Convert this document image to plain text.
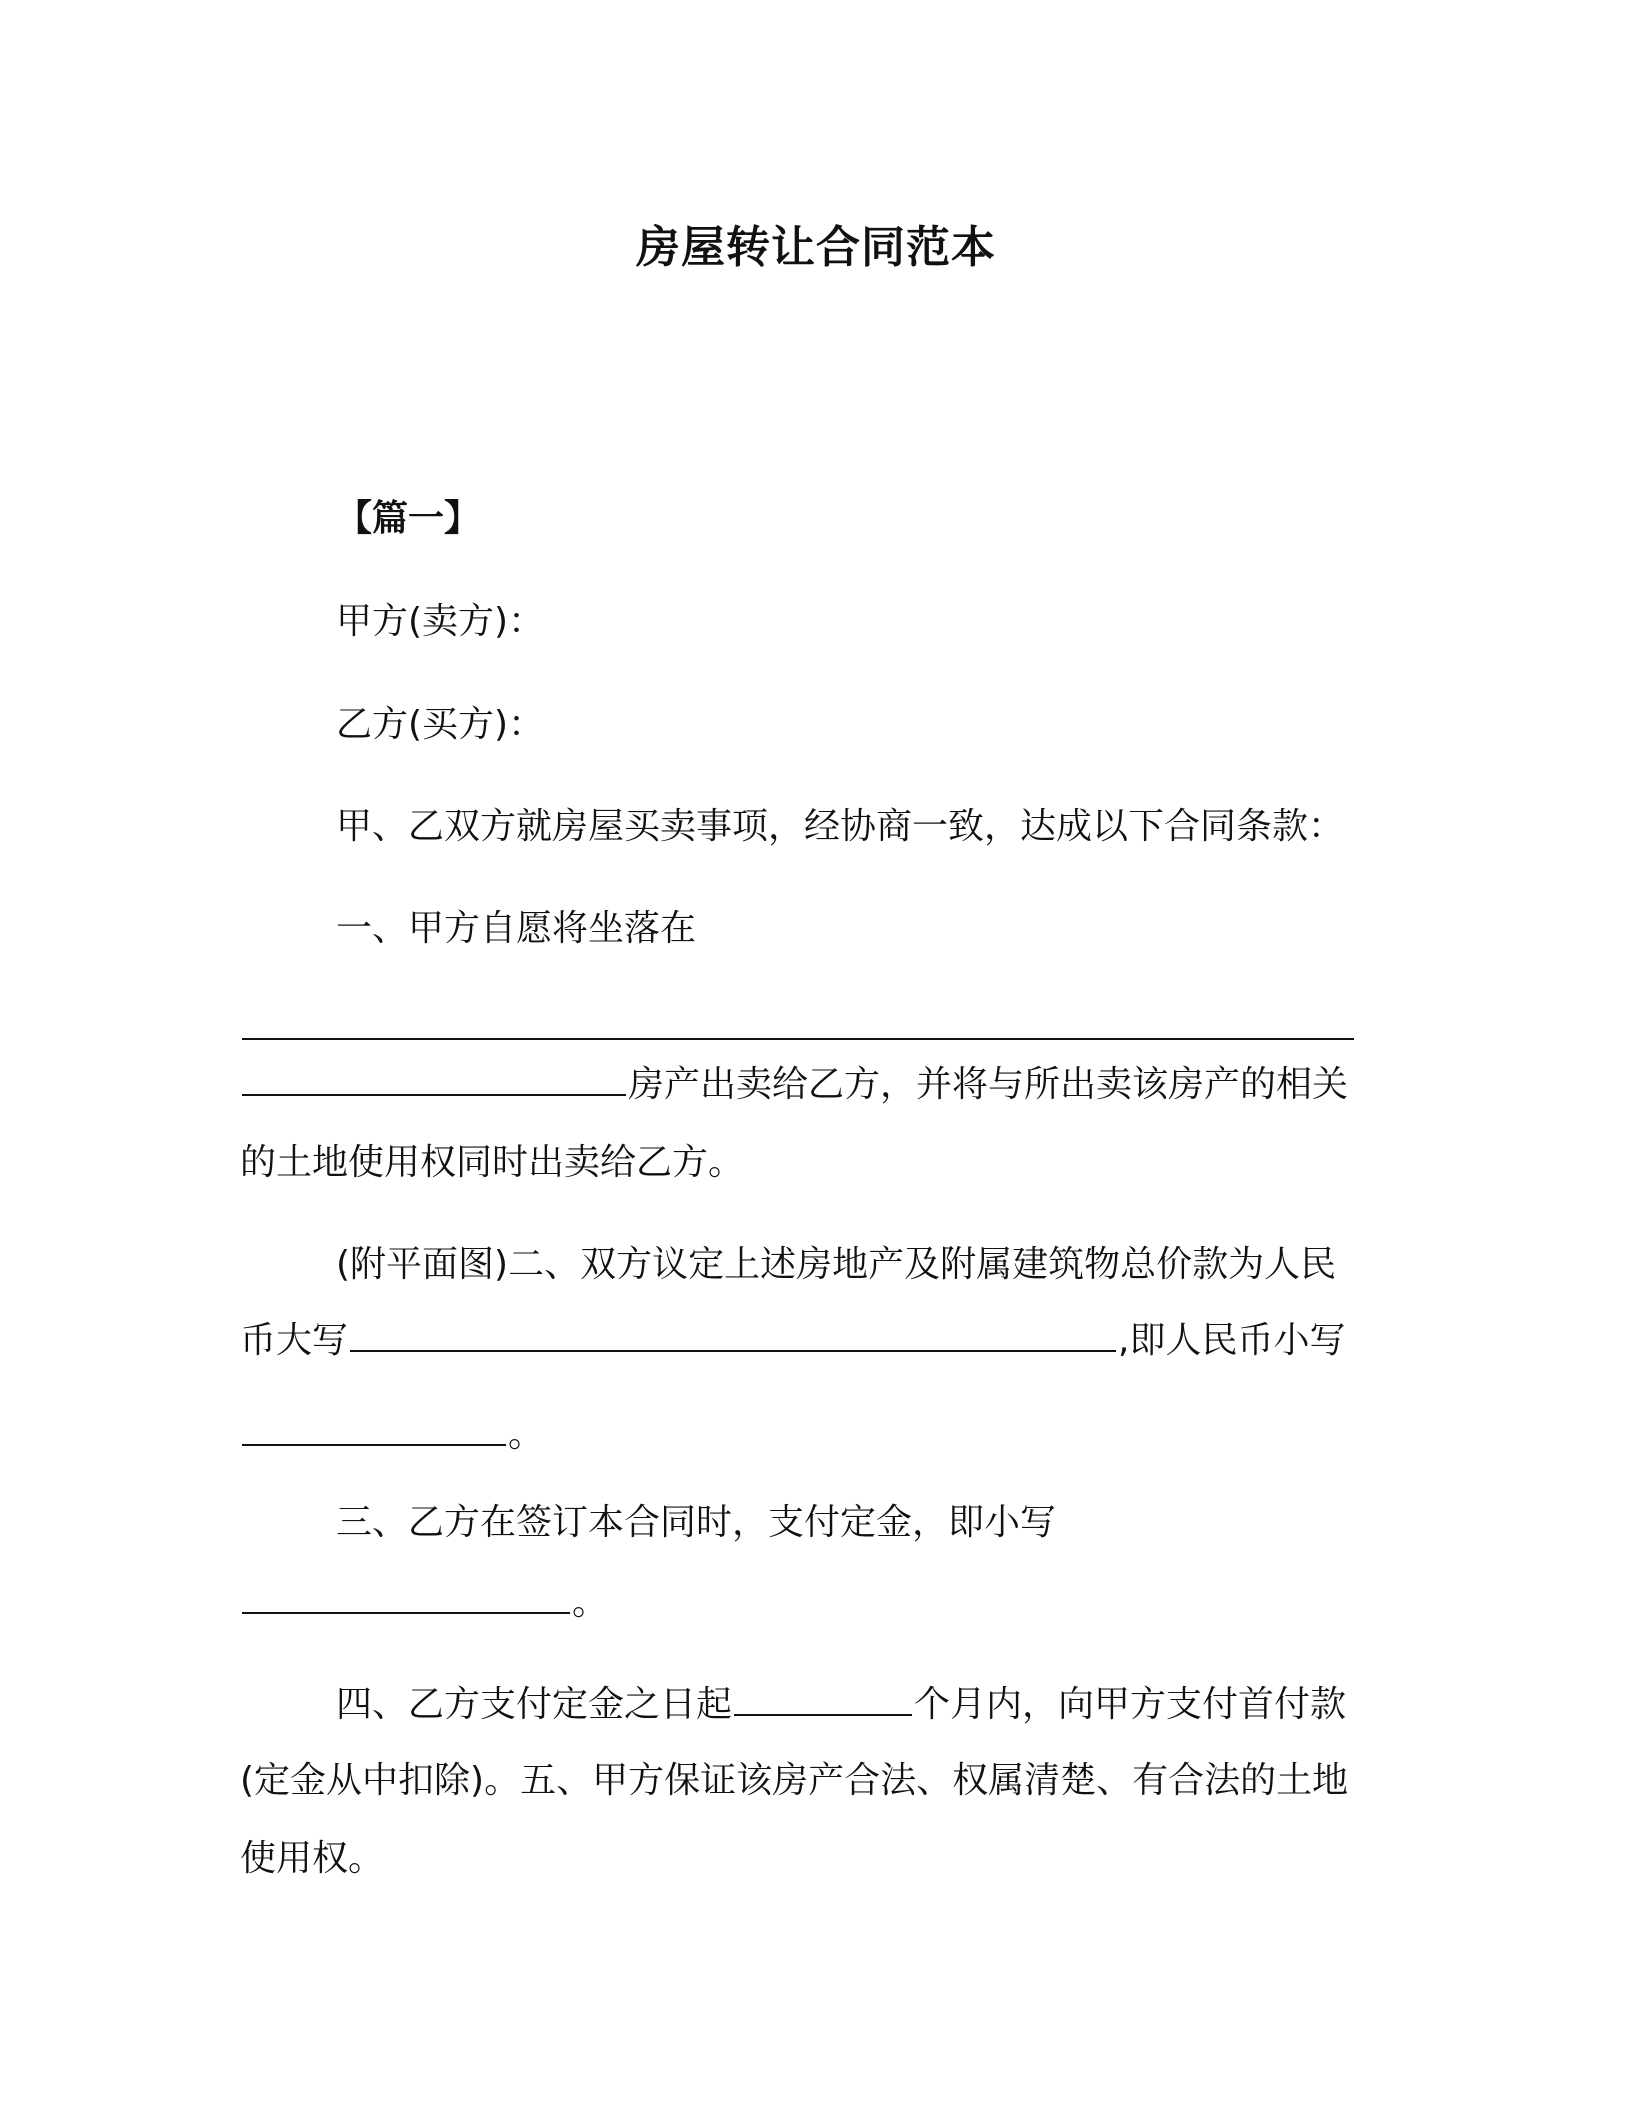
房屋转让合同范本
【篇一】
甲方(卖方)：
乙方(买方)：
甲、乙双方就房屋买卖事项，经协商一致，达成以下合同条款：
一、甲方自愿将坐落在
房产出卖给乙方，并将与所出卖该房产的相关
的土地使用权同时出卖给乙方。
(附平面图)二、双方议定上述房地产及附属建筑物总价款为人民
币大写	,即人民币小写
。
三、乙方在签订本合同时，支付定金，即小写
。
四、乙方支付定金之日起	个月内，向甲方支付首付款
(定金从中扣除)。五、甲方保证该房产合法、权属清楚、有合法的土地
使用权。
